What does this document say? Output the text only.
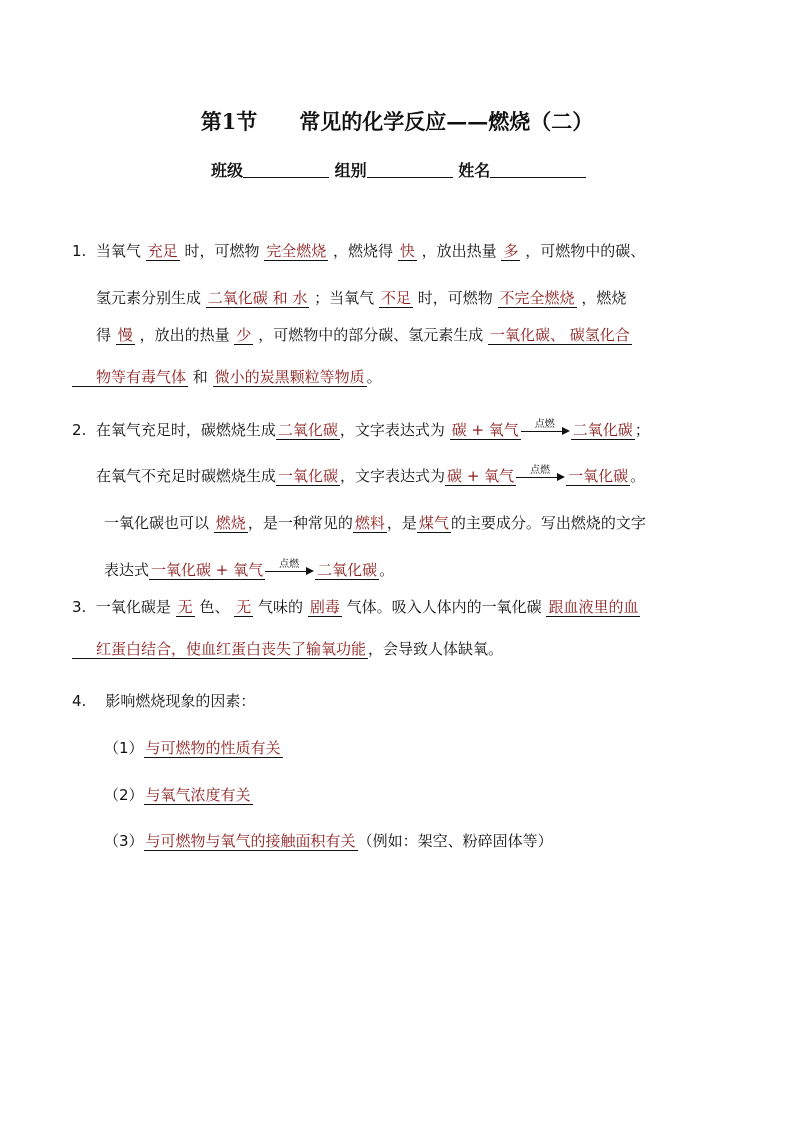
第1节　　常见的化学反应——燃烧（二）
班级	组别	姓名
1. 当氧气 充足 时，可燃物 完全燃烧 ，燃烧得 快 ，放出热量 多 ，可燃物中的碳、
氢元素分别生成 二氧化碳 和 水 ；当氧气 不足 时，可燃物 不完全燃烧 ，燃烧
得 慢 ，放出的热量 少 ，可燃物中的部分碳、氢元素生成 一氧化碳、 碳氢化合
物等有毒气体 和 微小的炭黑颗粒等物质 。
2. 在氧气充足时，碳燃烧生成 二氧化碳 ，文字表达式为 碳 + 氧气 点燃 二氧化碳 ；
在氧气不充足时碳燃烧生成 一氧化碳 ，文字表达式为 碳 + 氧气 点燃 一氧化碳 。
一氧化碳也可以 燃烧 ，是一种常见的 燃料 ，是 煤气 的主要成分。写出燃烧的文字
表达式 一氧化碳 + 氧气 点燃 二氧化碳 。
3. 一氧化碳是 无 色、 无 气味的 剧毒 气体。吸入人体内的一氧化碳 跟血液里的血
红蛋白结合，使血红蛋白丧失了输氧功能 ，会导致人体缺氧。
4. 影响燃烧现象的因素：
（1） 与可燃物的性质有关
（2） 与氧气浓度有关
（3） 与可燃物与氧气的接触面积有关 （例如：架空、粉碎固体等）
